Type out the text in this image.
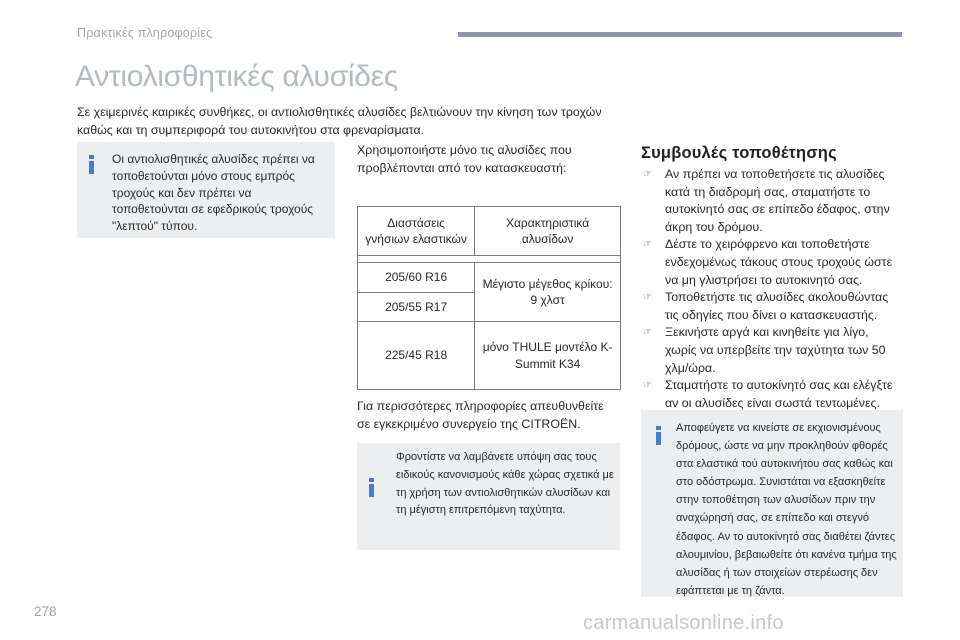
Πρακτικές πληροφορίες
Αντιολισθητικές αλυσίδες

Σε χειμερινές καιρικές συνθήκες, οι αντιολισθητικές αλυσίδες βελτιώνουν την κίνηση των τροχών καθώς και τη συμπεριφορά του αυτοκινήτου στα φρεναρίσματα.

Οι αντιολισθητικές αλυσίδες πρέπει να τοποθετούνται μόνο στους εμπρός τροχούς και δεν πρέπει να τοποθετούνται σε εφεδρικούς τροχούς "λεπτού" τύπου.

Χρησιμοποιήστε μόνο τις αλυσίδες που προβλέπονται από τον κατασκευαστή:

Διαστάσεις γνήσιων ελαστικών	Χαρακτηριστικά αλυσίδων

205/60 R16	Μέγιστο μέγεθος κρίκου: 9 χλστ
205/55 R17	
225/45 R18	μόνο THULE μοντέλο K-Summit K34

Για περισσότερες πληροφορίες απευθυνθείτε σε εγκεκριμένο συνεργείο της CITROËN.

Φροντίστε να λαμβάνετε υπόψη σας τους ειδικούς κανονισμούς κάθε χώρας σχετικά με τη χρήση των αντιολισθητικών αλυσίδων και τη μέγιστη επιτρεπόμενη ταχύτητα.

Συμβουλές τοποθέτησης
☞ Αν πρέπει να τοποθετήσετε τις αλυσίδες κατά τη διαδρομή σας, σταματήστε το αυτοκίνητό σας σε επίπεδο έδαφος, στην άκρη του δρόμου.
☞ Δέστε το χειρόφρενο και τοποθετήστε ενδεχομένως τάκους στους τροχούς ώστε να μη γλιστρήσει το αυτοκινητό σας.
☞ Τοποθετήστε τις αλυσίδες ακολουθώντας τις οδηγίες που δίνει ο κατασκευαστής.
☞ Ξεκινήστε αργά και κινηθείτε για λίγο, χωρίς να υπερβείτε την ταχύτητα των 50 χλμ/ώρα.
☞ Σταματήστε το αυτοκίνητό σας και ελέγξτε αν οι αλυσίδες είναι σωστά τεντωμένες.

Αποφεύγετε να κινείστε σε εκχιονισμένους δρόμους, ώστε να μην προκληθούν φθορές στα ελαστικά τού αυτοκινήτου σας καθώς και στο οδόστρωμα. Συνιστάται να εξασκηθείτε στην τοποθέτηση των αλυσίδων πριν την αναχώρησή σας, σε επίπεδο και στεγνό έδαφος. Αν το αυτοκίνητό σας διαθέτει ζάντες αλουμινίου, βεβαιωθείτε ότι κανένα τμήμα της αλυσίδας ή των στοιχείων στερέωσης δεν εφάπτεται με τη ζάντα.

278
carmanualsonline.info
